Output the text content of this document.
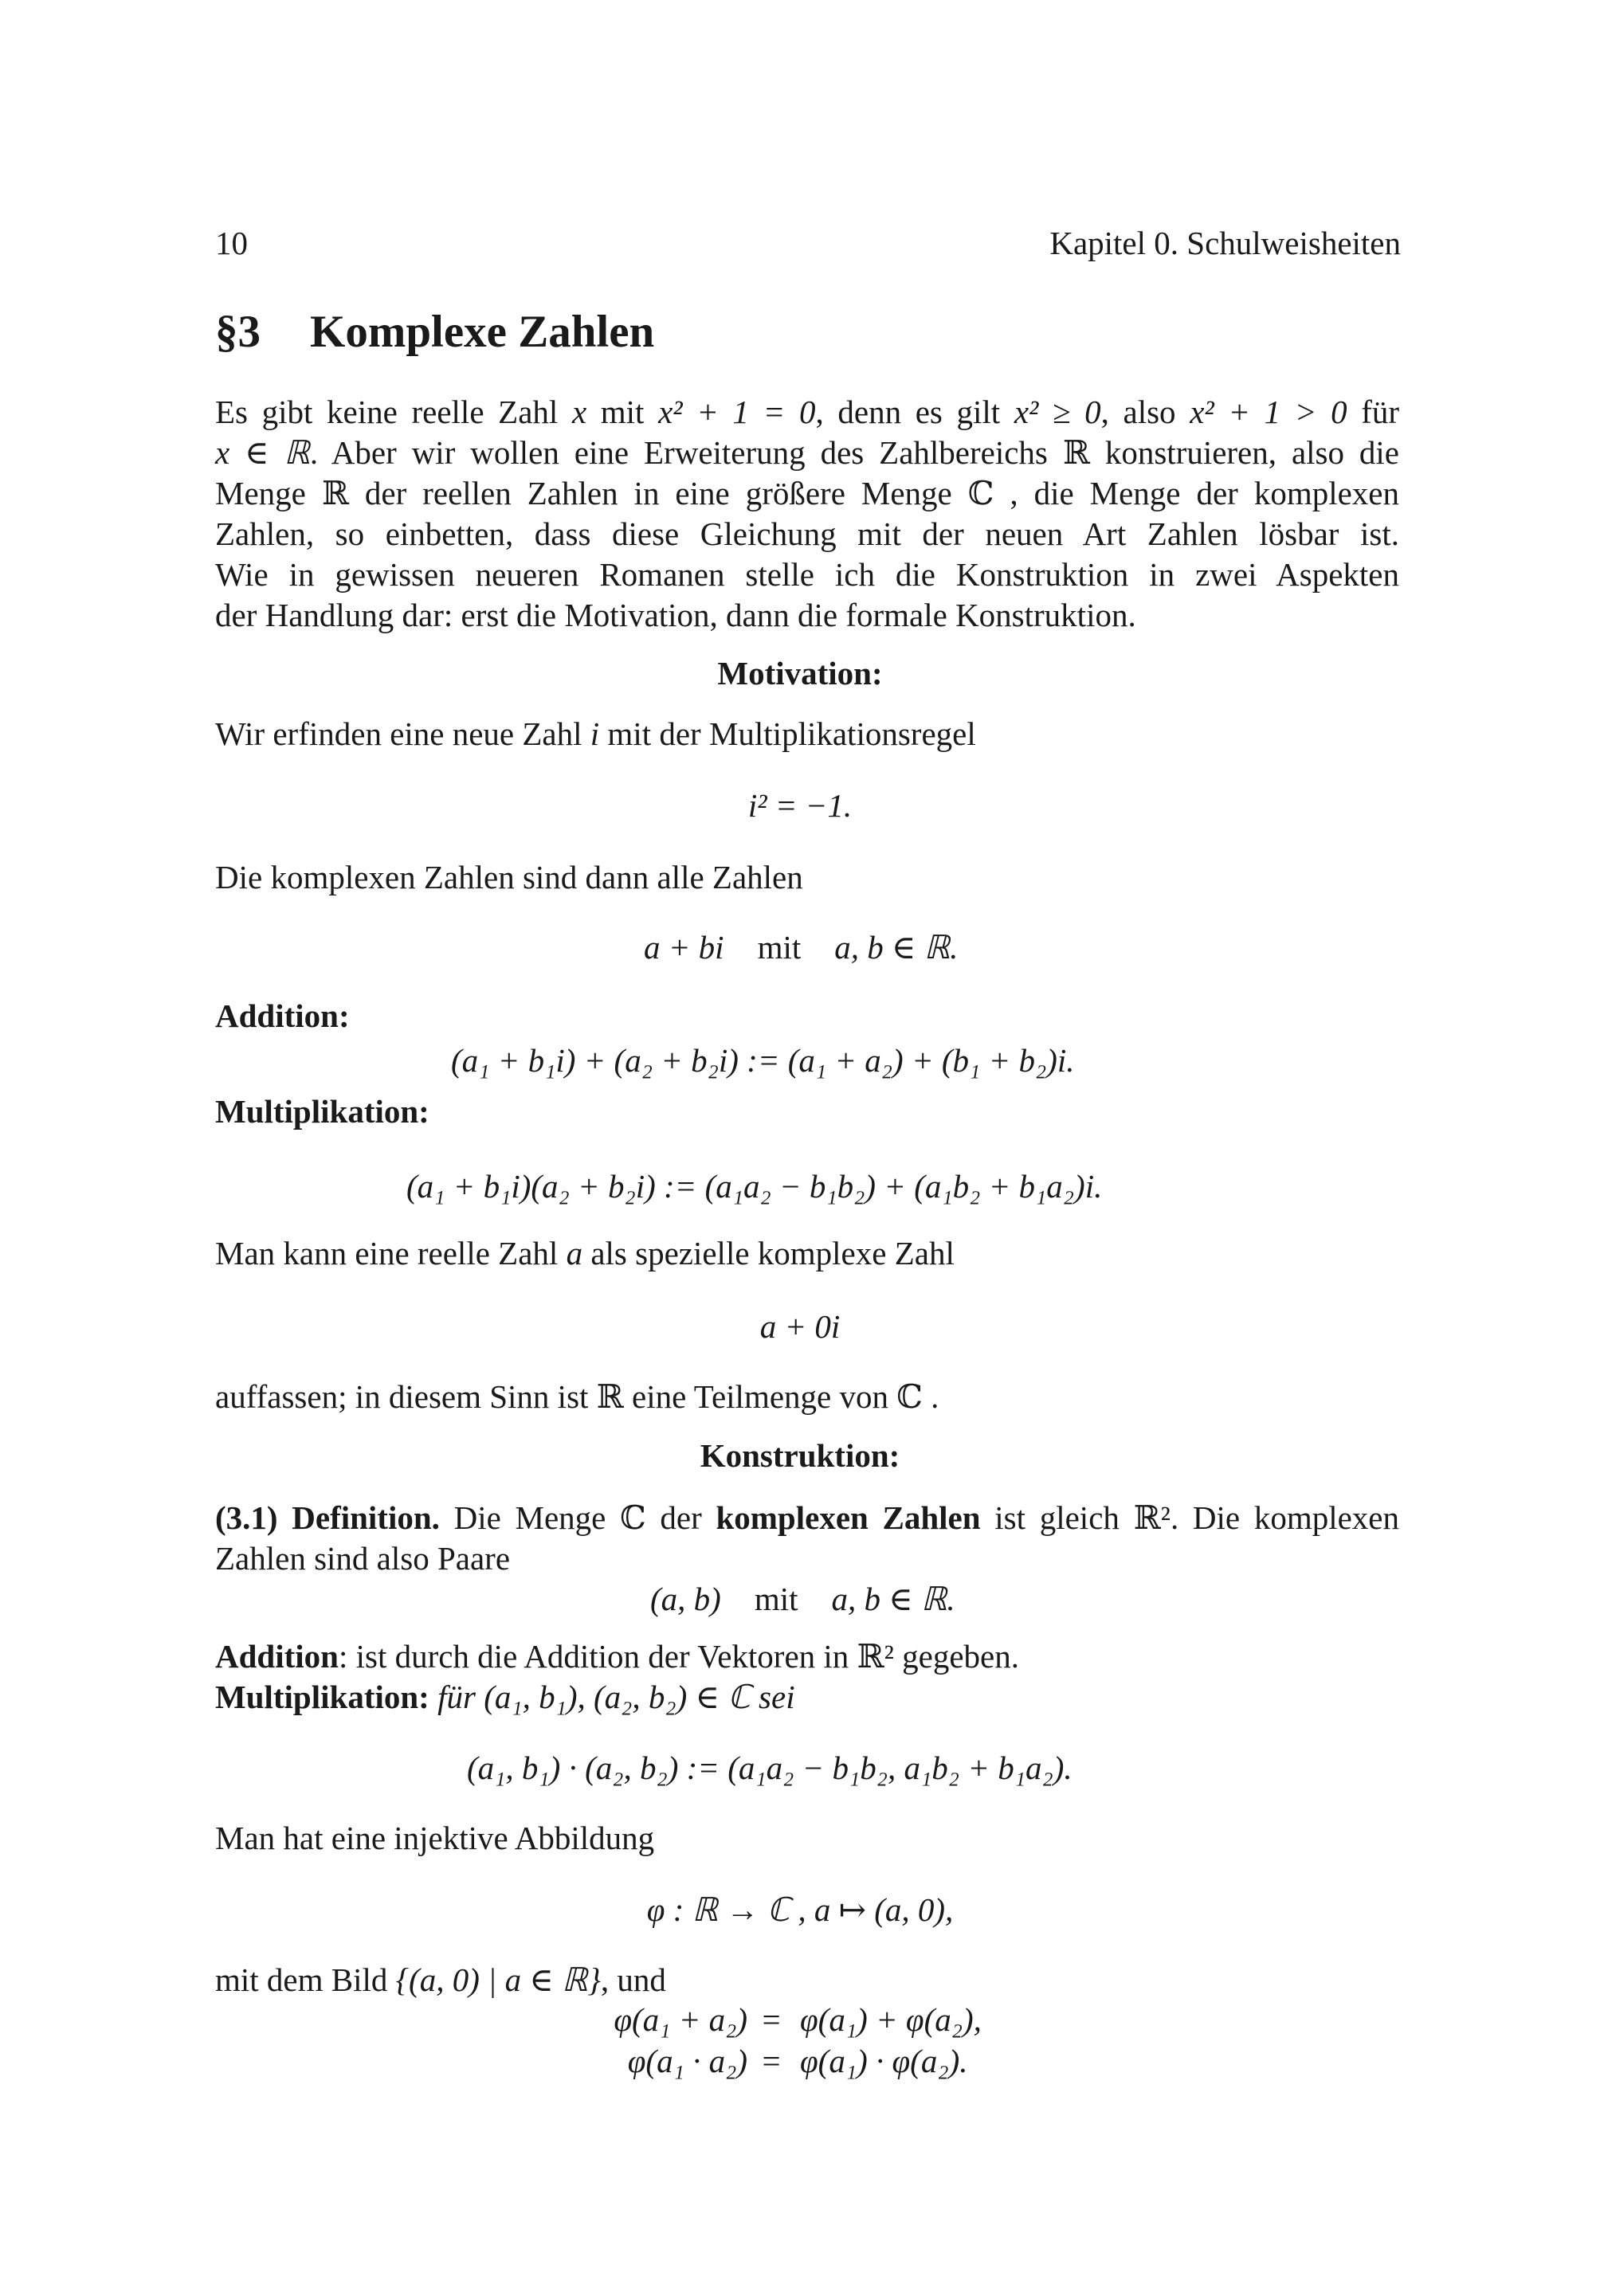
10	Kapitel 0. Schulweisheiten
§3 Komplexe Zahlen
Es gibt keine reelle Zahl x mit x² + 1 = 0, denn es gilt x² ≥ 0, also x² + 1 > 0 für
x ∈ ℝ. Aber wir wollen eine Erweiterung des Zahlbereichs ℝ konstruieren, also die
Menge ℝ der reellen Zahlen in eine größere Menge ℂ , die Menge der komplexen
Zahlen, so einbetten, dass diese Gleichung mit der neuen Art Zahlen lösbar ist.
Wie in gewissen neueren Romanen stelle ich die Konstruktion in zwei Aspekten
der Handlung dar: erst die Motivation, dann die formale Konstruktion.
Motivation:
Wir erfinden eine neue Zahl i mit der Multiplikationsregel
i² = −1.
Die komplexen Zahlen sind dann alle Zahlen
a + bi mit a, b ∈ ℝ.
Addition:
(a₁ + b₁i) + (a₂ + b₂i) := (a₁ + a₂) + (b₁ + b₂)i.
Multiplikation:
(a₁ + b₁i)(a₂ + b₂i) := (a₁a₂ − b₁b₂) + (a₁b₂ + b₁a₂)i.
Man kann eine reelle Zahl a als spezielle komplexe Zahl
a + 0i
auffassen; in diesem Sinn ist ℝ eine Teilmenge von ℂ .
Konstruktion:
(3.1) Definition. Die Menge ℂ der komplexen Zahlen ist gleich ℝ². Die komplexen
Zahlen sind also Paare
(a, b) mit a, b ∈ ℝ.
Addition: ist durch die Addition der Vektoren in ℝ² gegeben.
Multiplikation: für (a₁, b₁), (a₂, b₂) ∈ ℂ sei
(a₁, b₁) · (a₂, b₂) := (a₁a₂ − b₁b₂, a₁b₂ + b₁a₂).
Man hat eine injektive Abbildung
φ : ℝ → ℂ , a ↦ (a, 0),
mit dem Bild {(a, 0) | a ∈ ℝ}, und
φ(a₁ + a₂) = φ(a₁) + φ(a₂),
φ(a₁ · a₂) = φ(a₁) · φ(a₂).
